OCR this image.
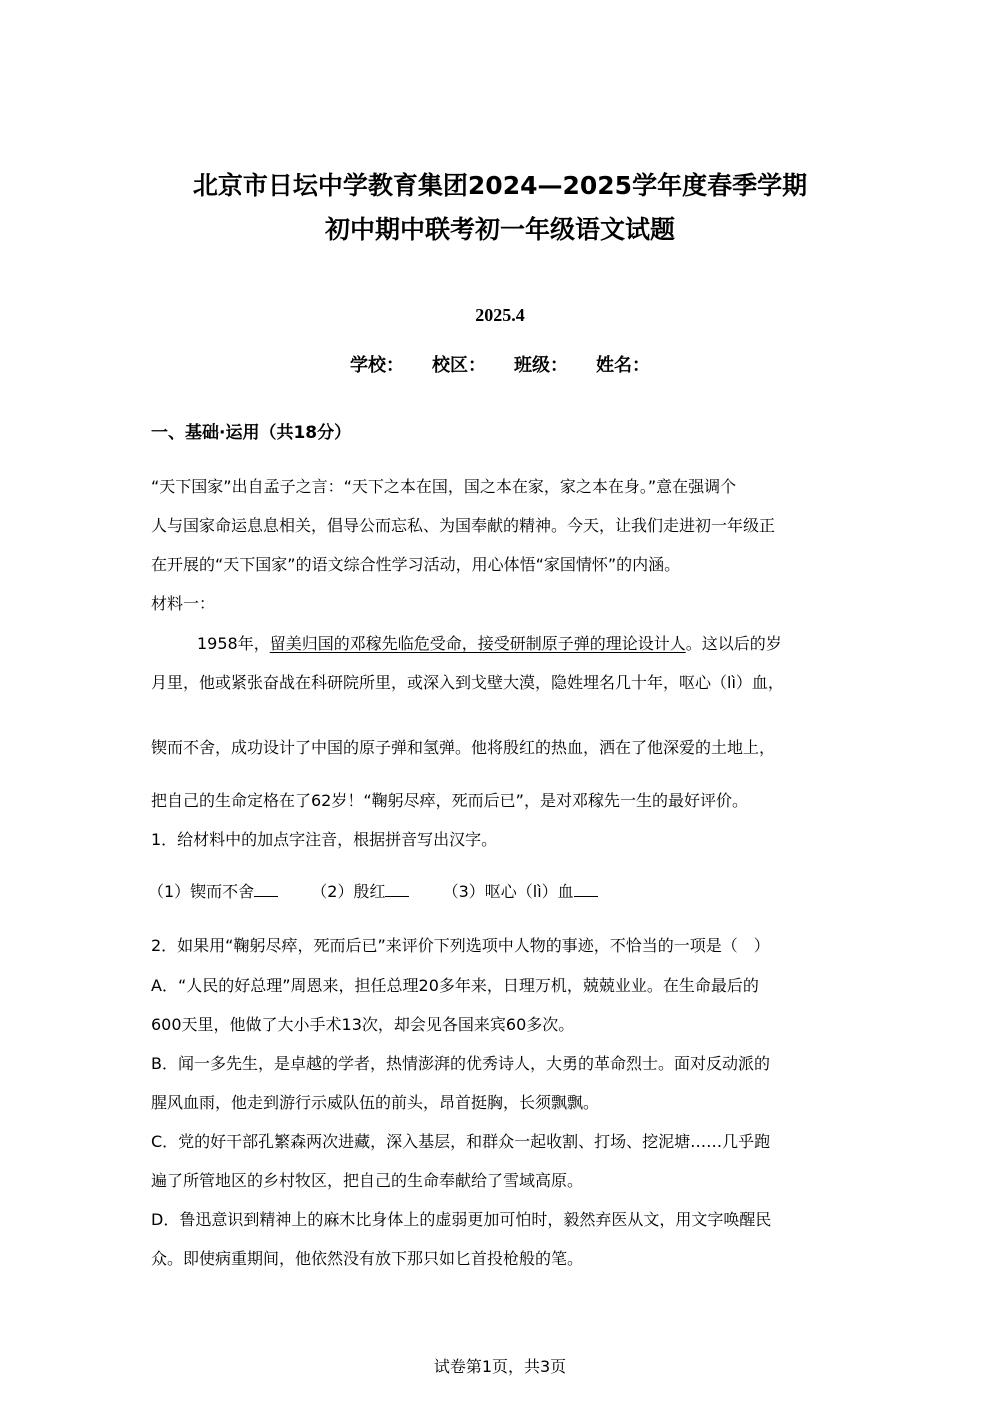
北京市日坛中学教育集团2024—2025学年度春季学期
初中期中联考初一年级语文试题
2025.4
学校： 校区： 班级： 姓名：
一、基础·运用（共18分）
“天下国家”出自孟子之言：“天下之本在国，国之本在家，家之本在身。”意在强调个
人与国家命运息息相关，倡导公而忘私、为国奉献的精神。今天，让我们走进初一年级正
在开展的“天下国家”的语文综合性学习活动，用心体悟“家国情怀”的内涵。
材料一：
1958年，留美归国的邓稼先临危受命，接受研制原子弹的理论设计人。这以后的岁
月里，他或紧张奋战在科研院所里，或深入到戈壁大漠，隐姓埋名几十年，呕心（lì）血，
锲而不舍，成功设计了中国的原子弹和氢弹。他将殷红的热血，洒在了他深爱的土地上，
把自己的生命定格在了62岁！“鞠躬尽瘁，死而后已”，是对邓稼先一生的最好评价。
1．给材料中的加点字注音，根据拼音写出汉字。
（1）锲而不舍	（2）殷红	（3）呕心（lì）血
2．如果用“鞠躬尽瘁，死而后已”来评价下列选项中人物的事迹，不恰当的一项是（　）
A．“人民的好总理”周恩来，担任总理20多年来，日理万机，兢兢业业。在生命最后的
600天里，他做了大小手术13次，却会见各国来宾60多次。
B．闻一多先生，是卓越的学者，热情澎湃的优秀诗人，大勇的革命烈士。面对反动派的
腥风血雨，他走到游行示威队伍的前头，昂首挺胸，长须飘飘。
C．党的好干部孔繁森两次进藏，深入基层，和群众一起收割、打场、挖泥塘……几乎跑
遍了所管地区的乡村牧区，把自己的生命奉献给了雪域高原。
D．鲁迅意识到精神上的麻木比身体上的虚弱更加可怕时，毅然弃医从文，用文字唤醒民
众。即使病重期间，他依然没有放下那只如匕首投枪般的笔。
试卷第1页，共3页
